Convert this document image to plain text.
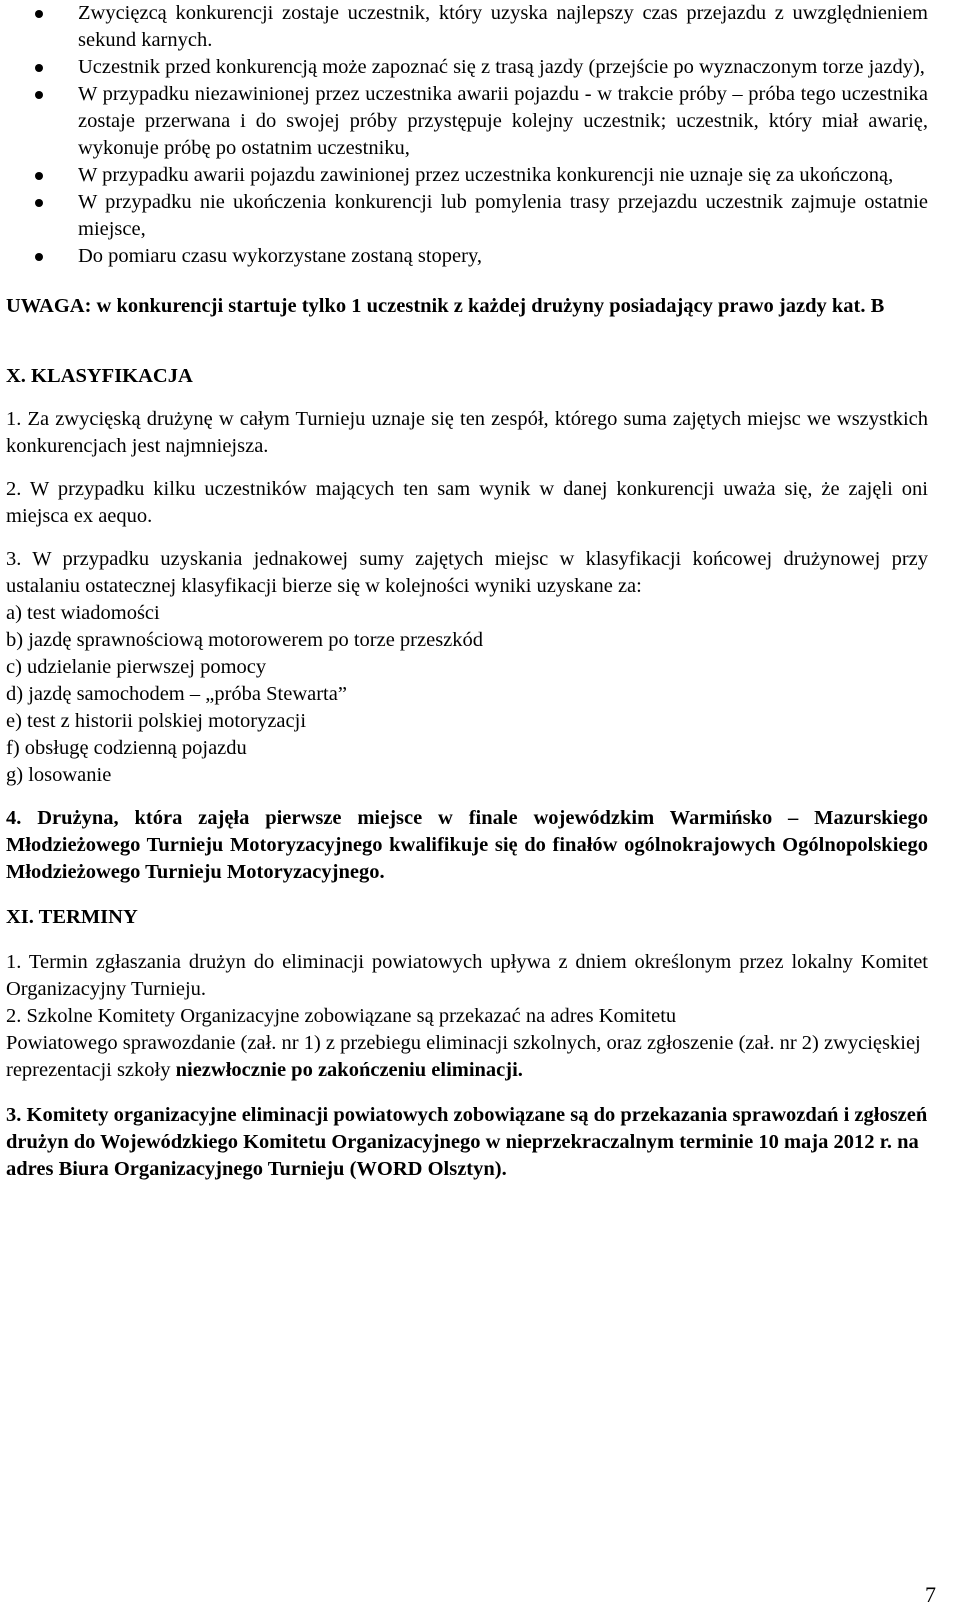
Zwycięzcą konkurencji zostaje uczestnik, który uzyska najlepszy czas przejazdu z uwzględnieniem sekund karnych.
Uczestnik przed konkurencją może zapoznać się z trasą jazdy (przejście po wyznaczonym torze jazdy),
W przypadku niezawinionej przez uczestnika awarii pojazdu - w trakcie próby – próba tego uczestnika zostaje przerwana i do swojej próby przystępuje kolejny uczestnik; uczestnik, który miał awarię, wykonuje próbę po ostatnim uczestniku,
W przypadku awarii pojazdu zawinionej przez uczestnika konkurencji nie uznaje się za ukończoną,
W przypadku nie ukończenia konkurencji lub pomylenia trasy przejazdu uczestnik zajmuje ostatnie miejsce,
Do pomiaru czasu wykorzystane zostaną stopery,

UWAGA: w konkurencji startuje tylko 1 uczestnik z każdej drużyny posiadający prawo jazdy kat. B

X. KLASYFIKACJA

1. Za zwycięską drużynę w całym Turnieju uznaje się ten zespół, którego suma zajętych miejsc we wszystkich konkurencjach jest najmniejsza.

2. W przypadku kilku uczestników mających ten sam wynik w danej konkurencji uważa się, że zajęli oni miejsca ex aequo.

3. W przypadku uzyskania jednakowej sumy zajętych miejsc w klasyfikacji końcowej drużynowej przy ustalaniu ostatecznej klasyfikacji bierze się w kolejności wyniki uzyskane za:

a) test wiadomości
b) jazdę sprawnościową motorowerem po torze przeszkód
c) udzielanie pierwszej pomocy
d) jazdę samochodem – „próba Stewarta”
e) test z historii polskiej motoryzacji
f) obsługę codzienną pojazdu
g) losowanie

4. Drużyna, która zajęła pierwsze miejsce w finale wojewódzkim Warmińsko – Mazurskiego Młodzieżowego Turnieju Motoryzacyjnego kwalifikuje się do finałów ogólnokrajowych Ogólnopolskiego Młodzieżowego Turnieju Motoryzacyjnego.

XI. TERMINY

1. Termin zgłaszania drużyn do eliminacji powiatowych upływa z dniem określonym przez lokalny Komitet Organizacyjny Turnieju.

2. Szkolne Komitety Organizacyjne zobowiązane są przekazać na adres Komitetu

Powiatowego sprawozdanie (zał. nr 1) z przebiegu eliminacji szkolnych, oraz zgłoszenie (zał. nr 2) zwycięskiej reprezentacji szkoły niezwłocznie po zakończeniu eliminacji.

3. Komitety organizacyjne eliminacji powiatowych zobowiązane są do przekazania sprawozdań i zgłoszeń drużyn do Wojewódzkiego Komitetu Organizacyjnego w nieprzekraczalnym terminie 10 maja 2012 r. na adres Biura Organizacyjnego Turnieju (WORD Olsztyn).

7
